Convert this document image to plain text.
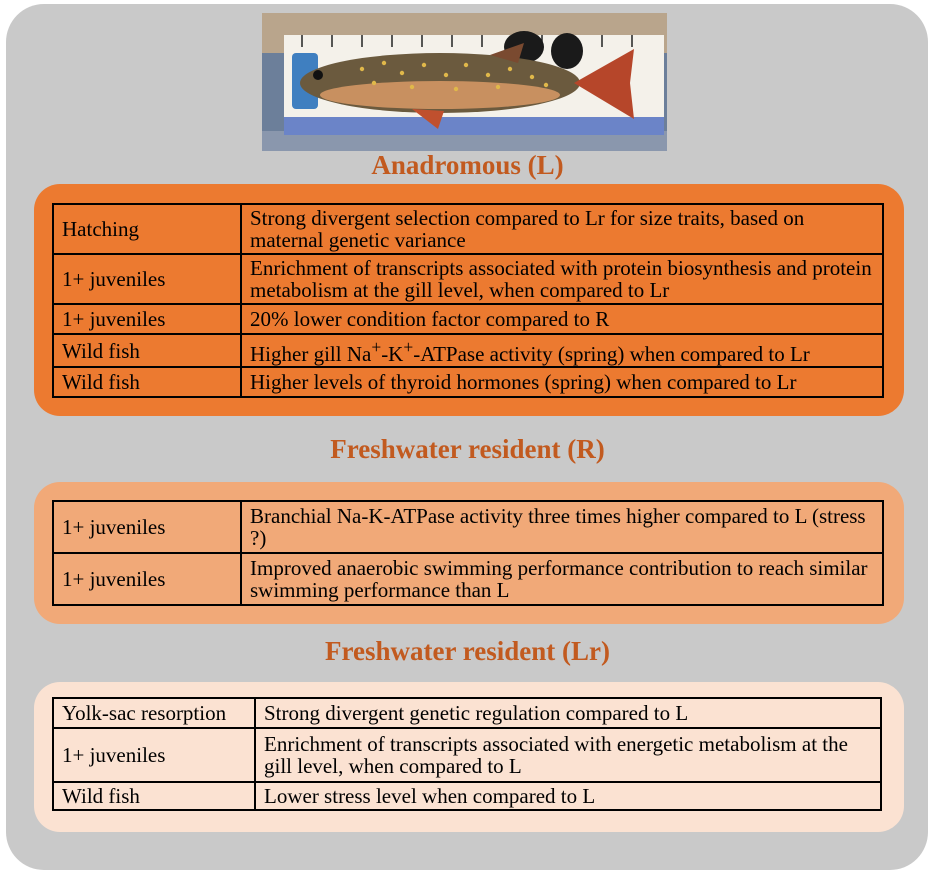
Anadromous (L)
Hatching	Strong divergent selection compared to Lr for size traits, based on maternal genetic variance
1+ juveniles	Enrichment of transcripts associated with protein biosynthesis and protein metabolism at the gill level, when compared to Lr
1+ juveniles	20% lower condition factor compared to R
Wild fish	Higher gill Na+-K+-ATPase activity (spring) when compared to Lr
Wild fish	Higher levels of thyroid hormones (spring) when compared to Lr
Freshwater resident (R)
1+ juveniles	Branchial Na-K-ATPase activity three times higher compared to L (stress ?)
1+ juveniles	Improved anaerobic swimming performance contribution to reach similar swimming performance than L
Freshwater resident (Lr)
Yolk-sac resorption	Strong divergent genetic regulation compared to L
1+ juveniles	Enrichment of transcripts associated with energetic metabolism at the gill level, when compared to L
Wild fish	Lower stress level when compared to L
